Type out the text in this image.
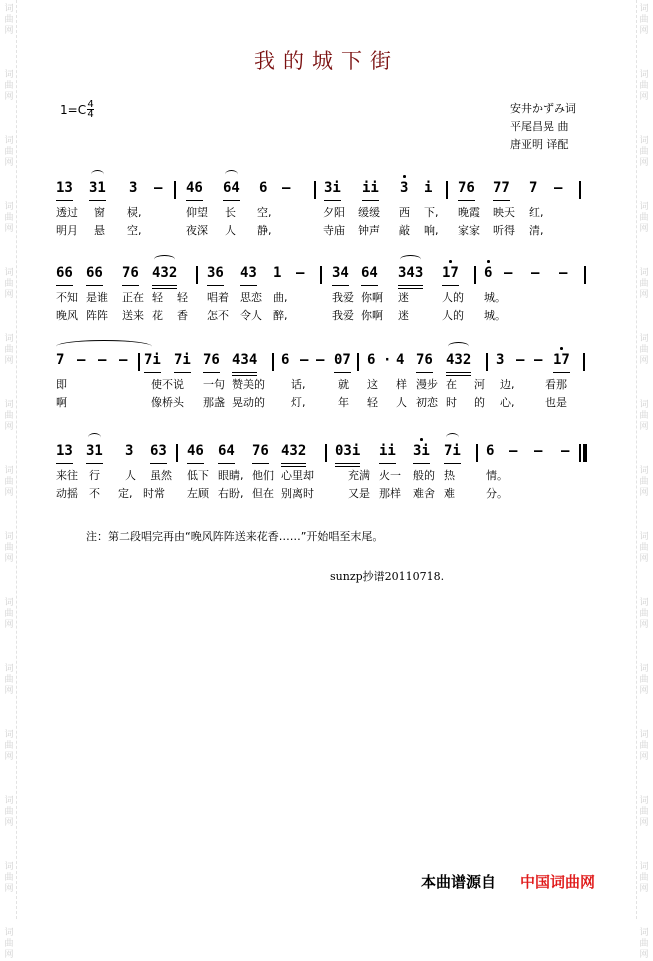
词
曲
网
词
曲
网
词
曲
网
词
曲
网
词
曲
网
词
曲
网
词
曲
网
词
曲
网
词
曲
网
词
曲
网
词
曲
网
词
曲
网
词
曲
网
词
曲
网
词
曲
网
词
曲
网
词
曲
网
词
曲
网
词
曲
网
词
曲
网
词
曲
网
词
曲
网
词
曲
网
词
曲
网
词
曲
网
词
曲
网
词
曲
网
词
曲
网
词
曲
网
词
曲
网
我的城下街
$1=C \frac{4}{4}$	安井かずみ词
平尾昌晃 曲
唐亚明 译配
13 31 3 – 46 64 6 – 3i ii 3 i 76 77 7 –
透过 窗 棂,	仰望 长 空,	夕阳 缓缓 西 下, 晚霞 映天 红,
明月 悬 空,	夜深 人 静,	寺庙 钟声 敲 响, 家家 听得 清,
66 66 76 432 36 43 1 – 34 64 343 17 6 – – –
不知 是谁 正在 轻 轻 唱着 思恋 曲,	我爱 你啊 迷	人的 城。
晚风 阵阵 送来 花 香 怎不 令人 醉,	我爱 你啊 迷	人的 城。
7 – – – 7i 7i 76 434 6 – – 07 6 · 4 76 432 3 – – 17
即	使不说 一句 赞美的 话,	就 这 样 漫步 在 河 边,	看那
啊	像桥头 那盏 晃动的 灯,	年 轻 人 初恋 时 的 心,	也是
13 31 3 63 46 64 76 432 03i ii 3i 7i 6 – – –
来往 行 人 虽然 低下 眼睛, 他们 心里却	充满 火一 般的 热	情。
动摇 不 定, 时常 左顾 右盼, 但在 别离时	又是 那样 难舍 难	分。
注：第二段唱完再由“晚风阵阵送来花香……”开始唱至末尾。
sunzp抄谱20110718.
本曲谱源自 中国词曲网
